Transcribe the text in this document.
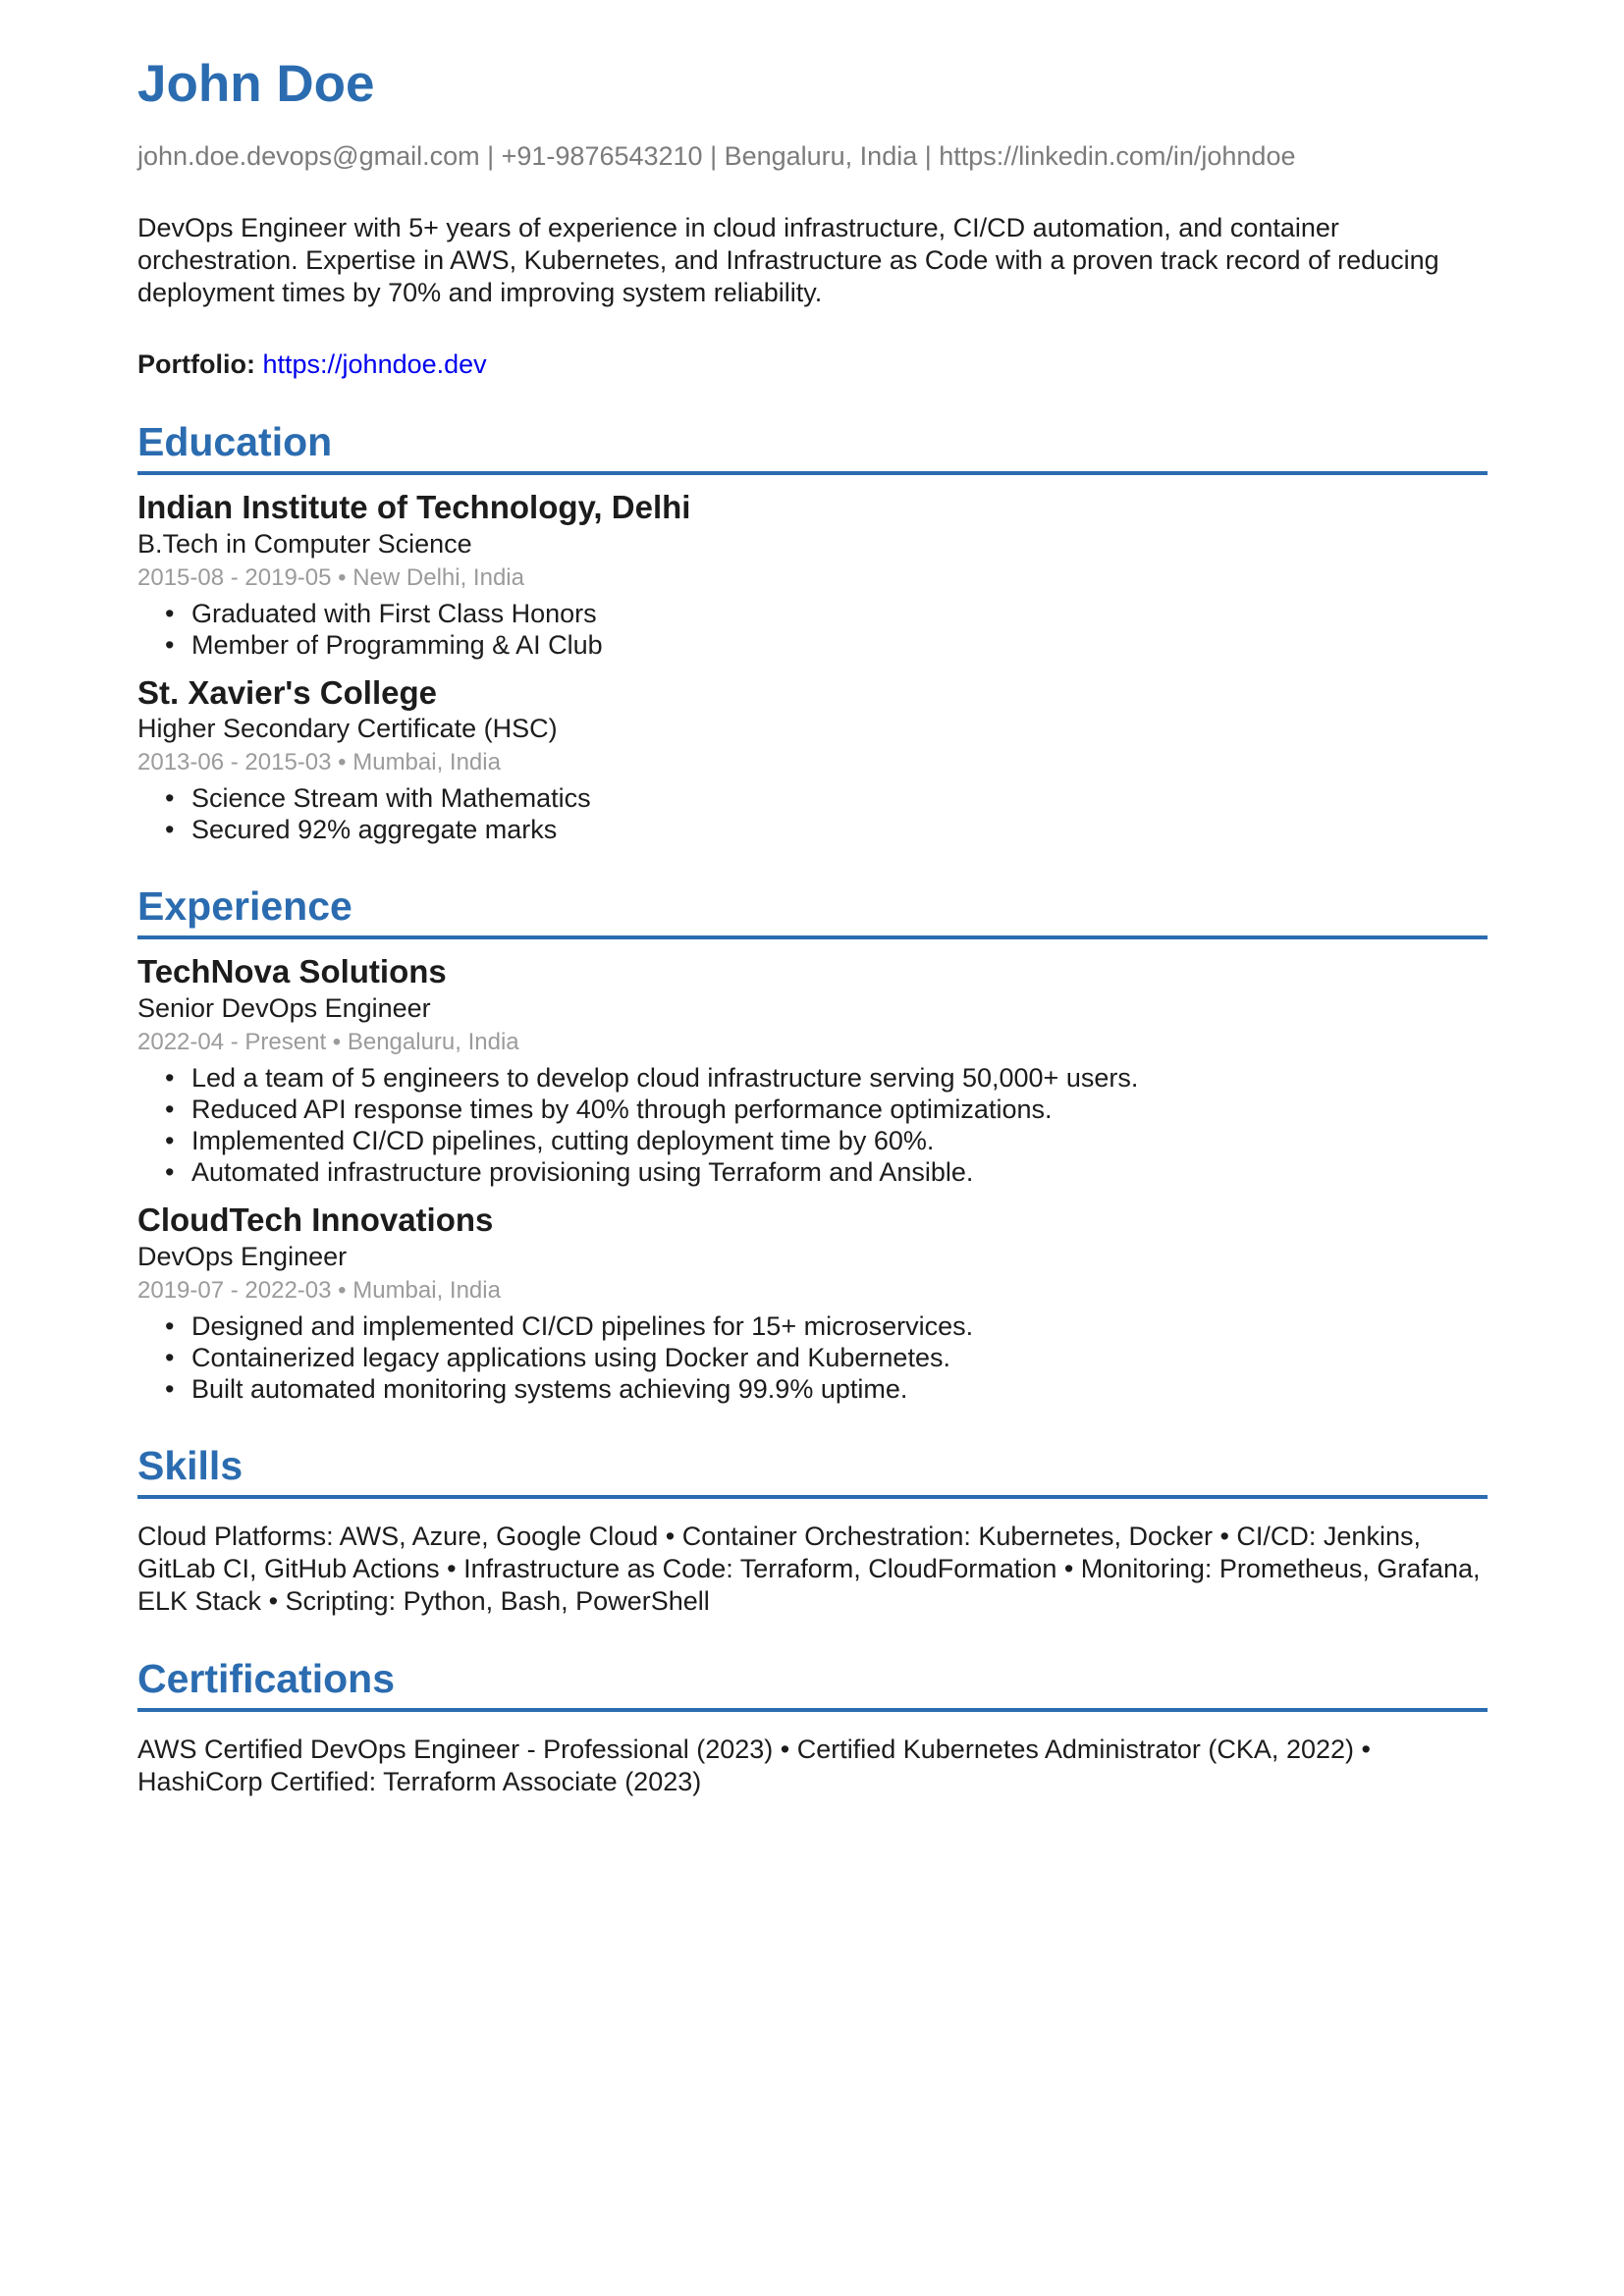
John Doe

john.doe.devops@gmail.com | +91-9876543210 | Bengaluru, India | https://linkedin.com/in/johndoe

DevOps Engineer with 5+ years of experience in cloud infrastructure, CI/CD automation, and container orchestration. Expertise in AWS, Kubernetes, and Infrastructure as Code with a proven track record of reducing deployment times by 70% and improving system reliability.

Portfolio: https://johndoe.dev

Education
Indian Institute of Technology, Delhi

B.Tech in Computer Science

2015-08 - 2019-05 • New Delhi, India

• Graduated with First Class Honors
• Member of Programming & AI Club
St. Xavier's College

Higher Secondary Certificate (HSC)

2013-06 - 2015-03 • Mumbai, India

• Science Stream with Mathematics
• Secured 92% aggregate marks
Experience
TechNova Solutions

Senior DevOps Engineer

2022-04 - Present • Bengaluru, India

• Led a team of 5 engineers to develop cloud infrastructure serving 50,000+ users.
• Reduced API response times by 40% through performance optimizations.
• Implemented CI/CD pipelines, cutting deployment time by 60%.
• Automated infrastructure provisioning using Terraform and Ansible.
CloudTech Innovations

DevOps Engineer

2019-07 - 2022-03 • Mumbai, India

• Designed and implemented CI/CD pipelines for 15+ microservices.
• Containerized legacy applications using Docker and Kubernetes.
• Built automated monitoring systems achieving 99.9% uptime.
Skills

Cloud Platforms: AWS, Azure, Google Cloud • Container Orchestration: Kubernetes, Docker • CI/CD: Jenkins, GitLab CI, GitHub Actions • Infrastructure as Code: Terraform, CloudFormation • Monitoring: Prometheus, Grafana, ELK Stack • Scripting: Python, Bash, PowerShell

Certifications

AWS Certified DevOps Engineer - Professional (2023) • Certified Kubernetes Administrator (CKA, 2022) • HashiCorp Certified: Terraform Associate (2023)
